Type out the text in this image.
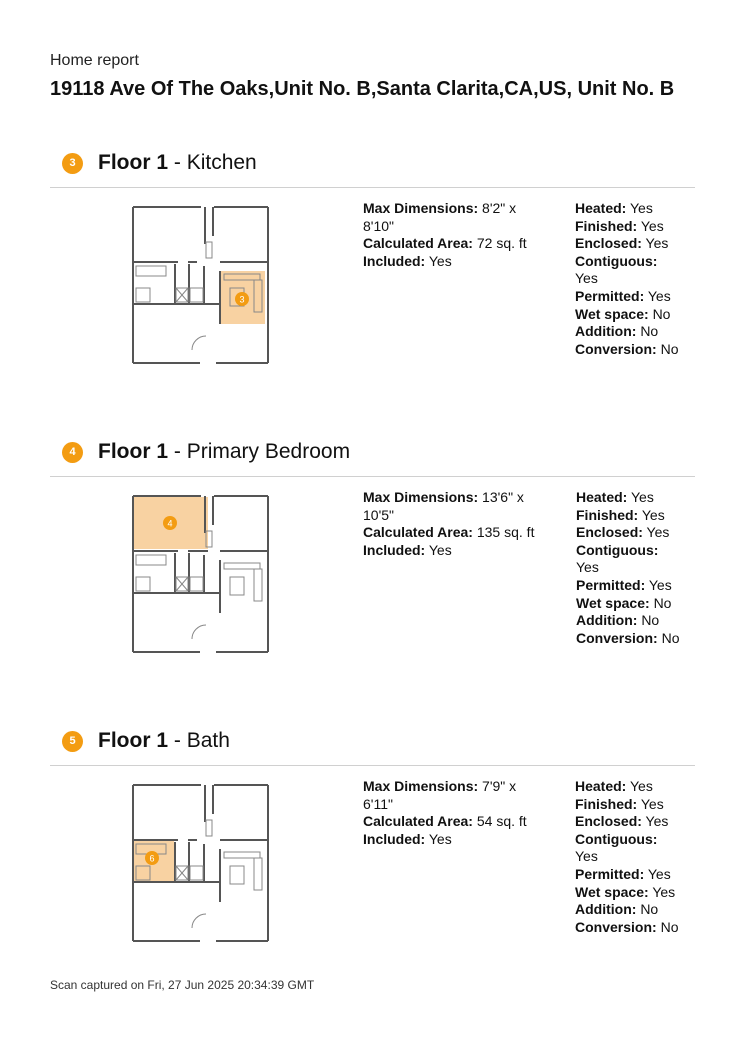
Home report
19118 Ave Of The Oaks,Unit No. B,Santa Clarita,CA,US, Unit No. B
3	Floor 1 - Kitchen
3
Max Dimensions: 8'2" x 8'10"
Calculated Area: 72 sq. ft
Included: Yes
Heated: Yes
Finished: Yes
Enclosed: Yes
Contiguous:
Yes
Permitted: Yes
Wet space: No
Addition: No
Conversion: No
4	Floor 1 - Primary Bedroom
4
Max Dimensions: 13'6" x 10'5"
Calculated Area: 135 sq. ft
Included: Yes
Heated: Yes
Finished: Yes
Enclosed: Yes
Contiguous:
Yes
Permitted: Yes
Wet space: No
Addition: No
Conversion: No
5	Floor 1 - Bath
6
Max Dimensions: 7'9" x 6'11"
Calculated Area: 54 sq. ft
Included: Yes
Heated: Yes
Finished: Yes
Enclosed: Yes
Contiguous:
Yes
Permitted: Yes
Wet space: Yes
Addition: No
Conversion: No
Scan captured on Fri, 27 Jun 2025 20:34:39 GMT
